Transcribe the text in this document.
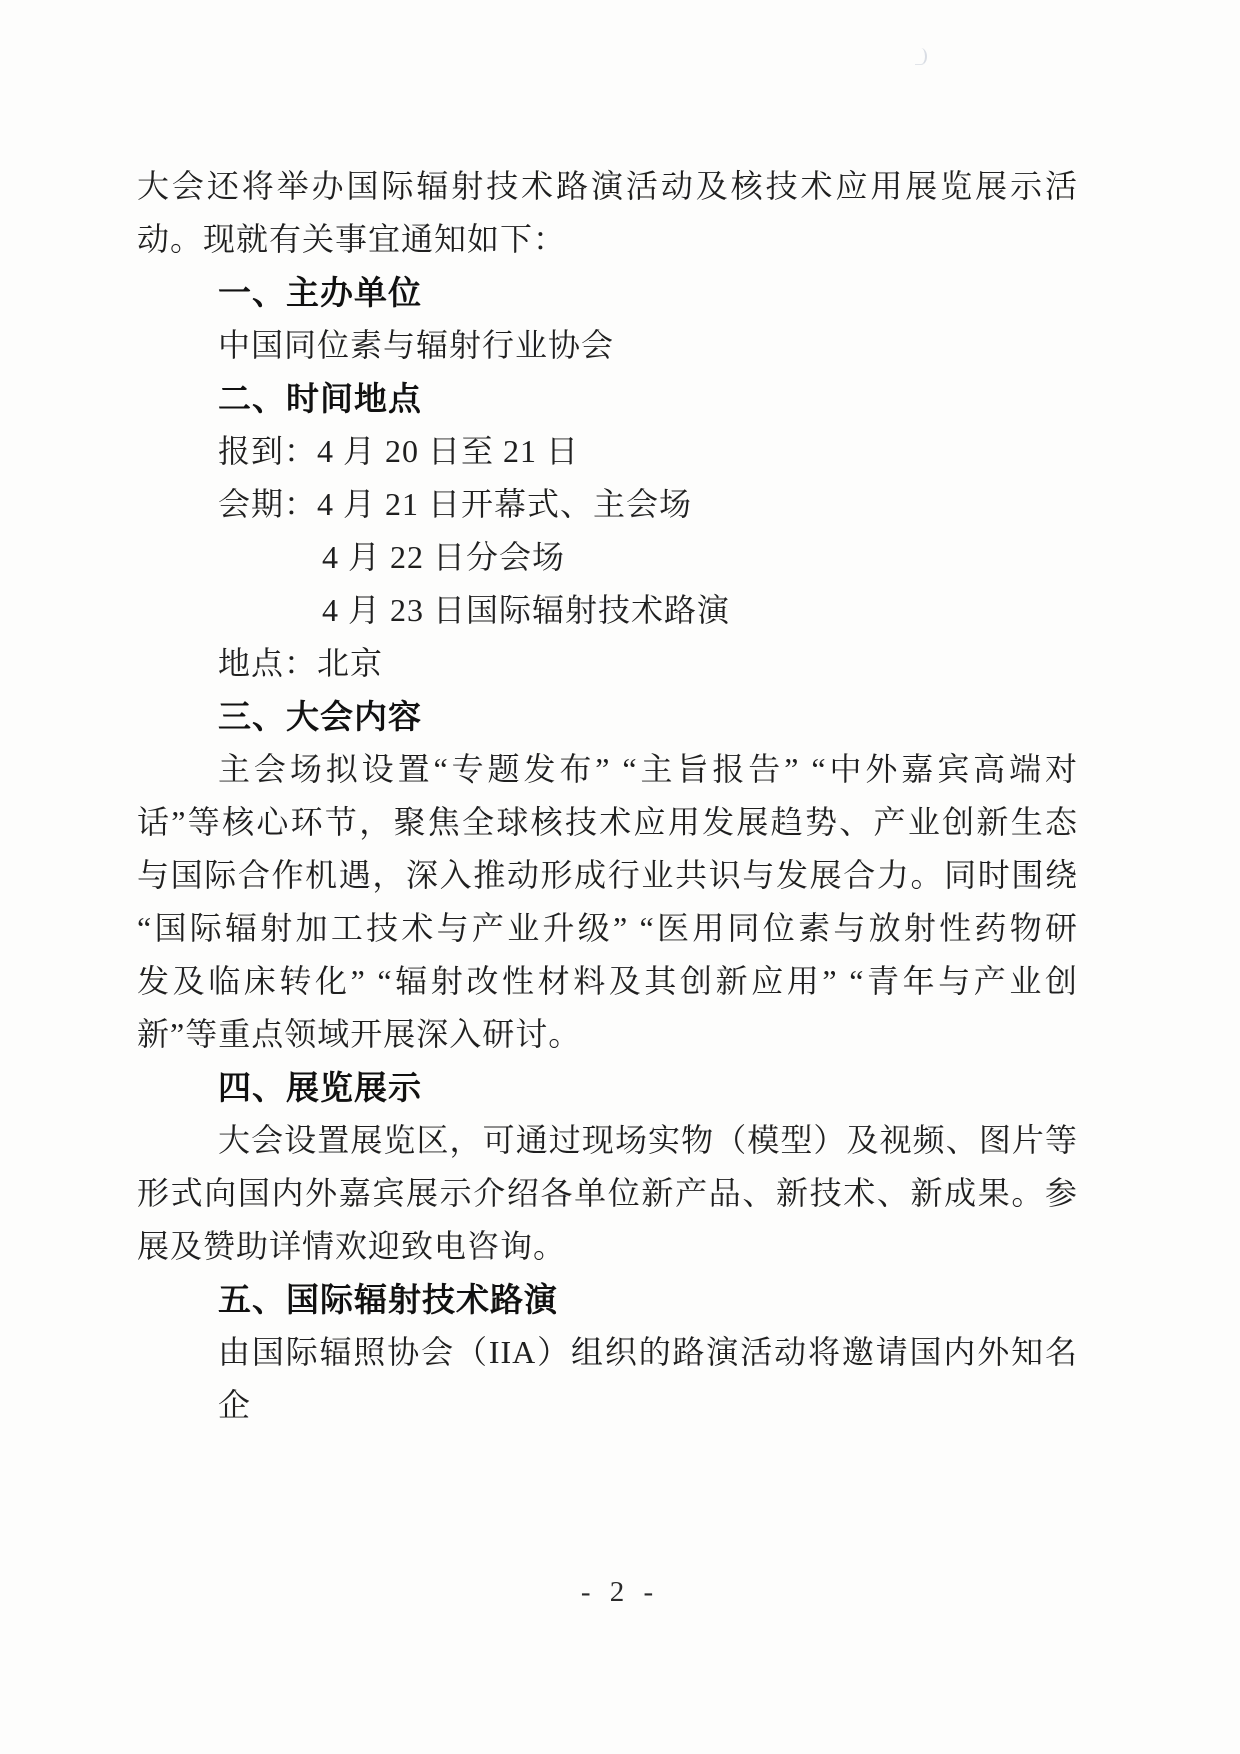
大会还将举办国际辐射技术路演活动及核技术应用展览展示活
动。现就有关事宜通知如下：
一、主办单位
中国同位素与辐射行业协会
二、时间地点
报到：4 月 20 日至 21 日
会期：4 月 21 日开幕式、主会场
4 月 22 日分会场
4 月 23 日国际辐射技术路演
地点：北京
三、大会内容
主会场拟设置“专题发布” “主旨报告” “中外嘉宾高端对
话”等核心环节，聚焦全球核技术应用发展趋势、产业创新生态
与国际合作机遇，深入推动形成行业共识与发展合力。同时围绕
“国际辐射加工技术与产业升级” “医用同位素与放射性药物研
发及临床转化” “辐射改性材料及其创新应用” “青年与产业创
新”等重点领域开展深入研讨。
四、展览展示
大会设置展览区，可通过现场实物（模型）及视频、图片等
形式向国内外嘉宾展示介绍各单位新产品、新技术、新成果。参
展及赞助详情欢迎致电咨询。
五、国际辐射技术路演
由国际辐照协会（IIA）组织的路演活动将邀请国内外知名企
- 2 -
